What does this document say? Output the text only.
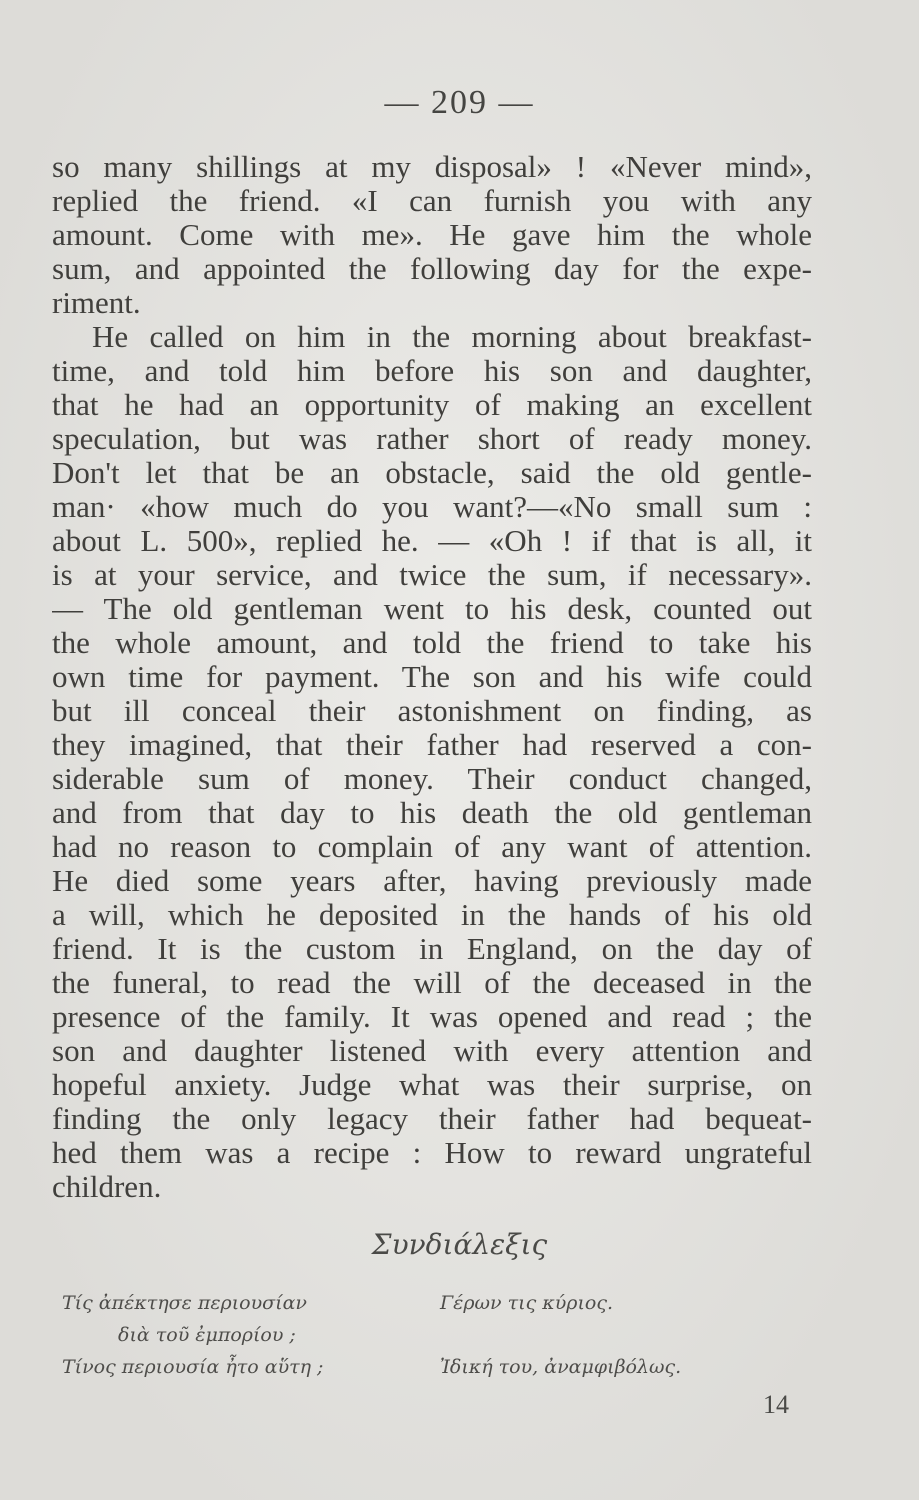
— 209 —
so many shillings at my disposal» ! «Never mind»,
replied the friend. «I can furnish you with any
amount. Come with me». He gave him the whole
sum, and appointed the following day for the expe-
riment.
He called on him in the morning about breakfast-
time, and told him before his son and daughter,
that he had an opportunity of making an excellent
speculation, but was rather short of ready money.
Don't let that be an obstacle, said the old gentle-
man· «how much do you want?—«No small sum :
about L. 500», replied he. — «Oh ! if that is all, it
is at your service, and twice the sum, if necessary».
— The old gentleman went to his desk, counted out
the whole amount, and told the friend to take his
own time for payment. The son and his wife could
but ill conceal their astonishment on finding, as
they imagined, that their father had reserved a con-
siderable sum of money. Their conduct changed,
and from that day to his death the old gentleman
had no reason to complain of any want of attention.
He died some years after, having previously made
a will, which he deposited in the hands of his old
friend. It is the custom in England, on the day of
the funeral, to read the will of the deceased in the
presence of the family. It was opened and read ; the
son and daughter listened with every attention and
hopeful anxiety. Judge what was their surprise, on
finding the only legacy their father had bequeat-
hed them was a recipe : How to reward ungrateful
children.
Συνδιάλεξις
Τίς ἀπέκτησε περιουσίαν	Γέρων τις κύριος.
διὰ τοῦ ἐμπορίου ;
Τίνος περιουσία ἦτο αὕτη ;	Ἰδική του, ἀναμφιβόλως.
14
